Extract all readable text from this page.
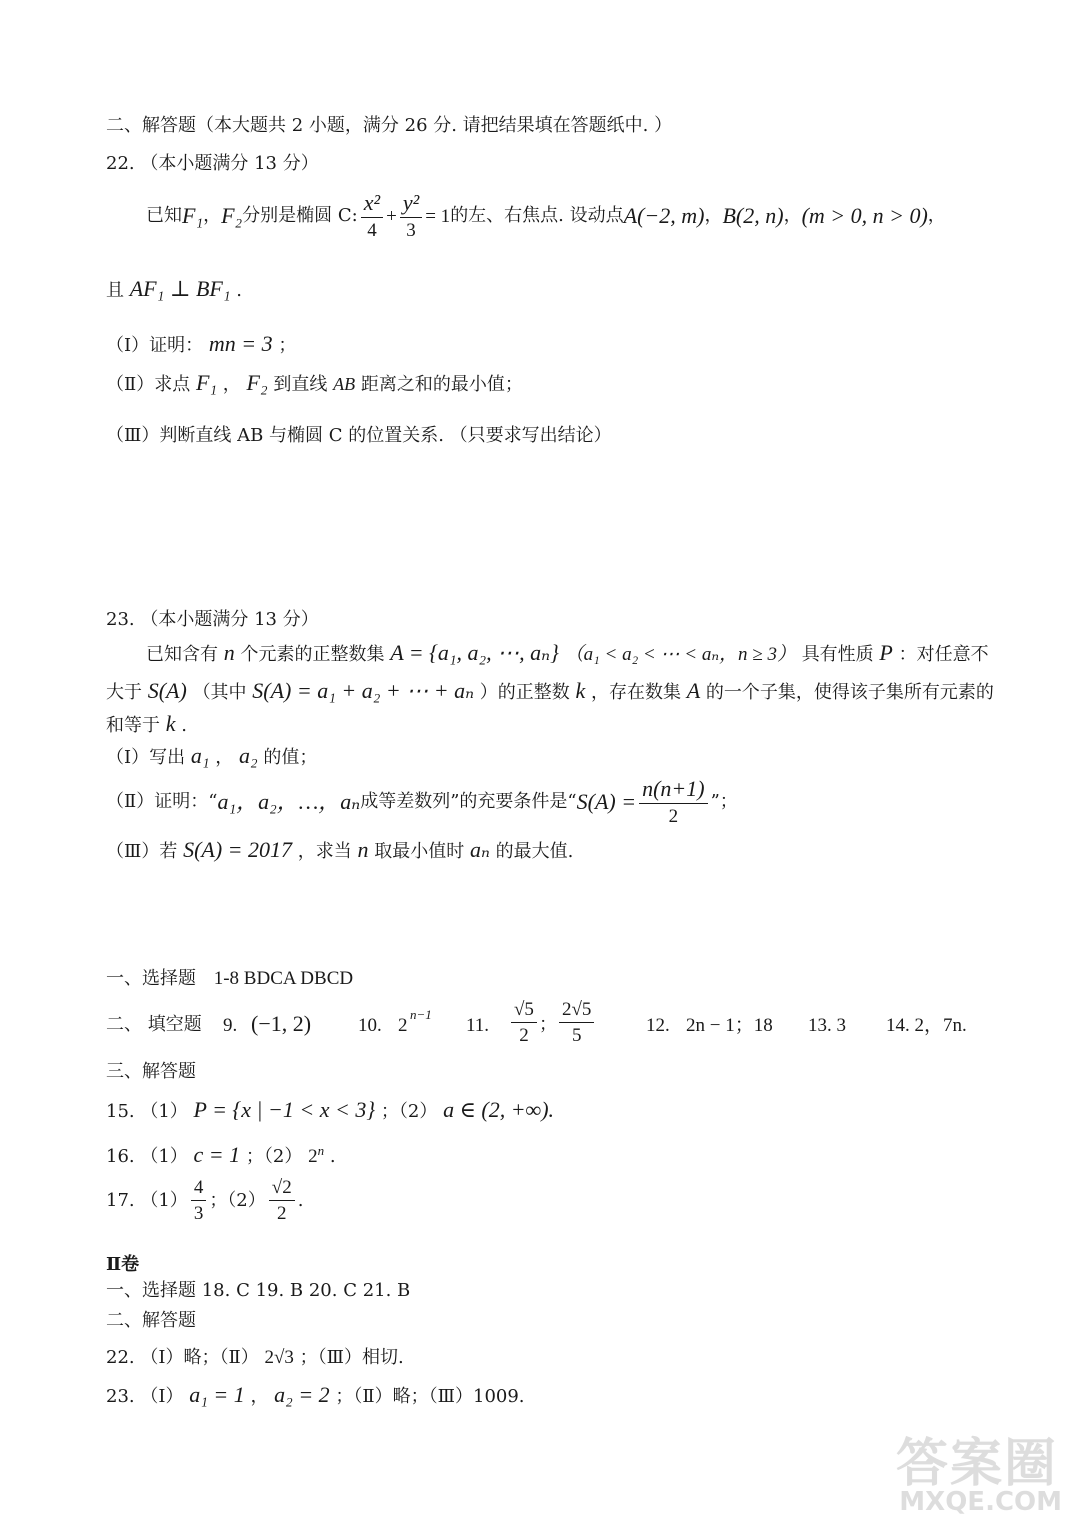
二、解答题（本大题共 2 小题，满分 26 分. 请把结果填在答题纸中. ）
22. （本小题满分 13 分）
已知 F₁ ， F₂ 分别是椭圆 C: $\frac{\text{x²}}{4} + \frac{\text{y²}}{3} = 1$ 的左、右焦点. 设动点 A(−2, m) ， B(2, n) ， (m > 0, n > 0) ，
且 AF₁ ⊥ BF₁ .
（Ⅰ）证明： mn = 3 ；
（Ⅱ）求点 F₁ ， F₂ 到直线 AB 距离之和的最小值；
（Ⅲ）判断直线 AB 与椭圆 C 的位置关系. （只要求写出结论）
23. （本小题满分 13 分）
已知含有 n 个元素的正整数集 A = {a₁, a₂, ⋯, aₙ} （a₁ < a₂ < ⋯ < aₙ，n ≥ 3） 具有性质 P ：对任意不
大于 S(A) （其中 S(A) = a₁ + a₂ + ⋯ + aₙ ）的正整数 k ，存在数集 A 的一个子集，使得该子集所有元素的
和等于 k .
（Ⅰ）写出 a₁ ， a₂ 的值；
（Ⅱ）证明：“ a₁，a₂，…，aₙ 成等差数列”的充要条件是“ $S(A) = \frac{n(n+1)}{2}$ ”；
（Ⅲ）若 S(A) = 2017 ，求当 n 取最小值时 aₙ 的最大值.
一、选择题 1-8 BDCA DBCD
二、 填空题 9. (−1, 2) 10. 2
n−1
11. $\frac{√5}{2}$ ； $\frac{2√5}{5}$	12. 2n − 1；18 13. 3 14. 2，7n.
三、解答题
15. （1） P = {x | −1 < x < 3} ；（2） a ∈ (2, +∞).
16. （1） c = 1 ；（2） 2$^n$ .
17. $(1) \frac{4}{3}$ ；$(2) \frac{√2}{2}$ .
Ⅱ卷
一、选择题 18. C 19. B 20. C 21. B
二、解答题
22. （Ⅰ）略；（Ⅱ） 2√3 ；（Ⅲ）相切.
23. （Ⅰ） a₁ = 1 ， a₂ = 2 ；（Ⅱ）略；（Ⅲ）1009.
答案圈
MXQE.COM
